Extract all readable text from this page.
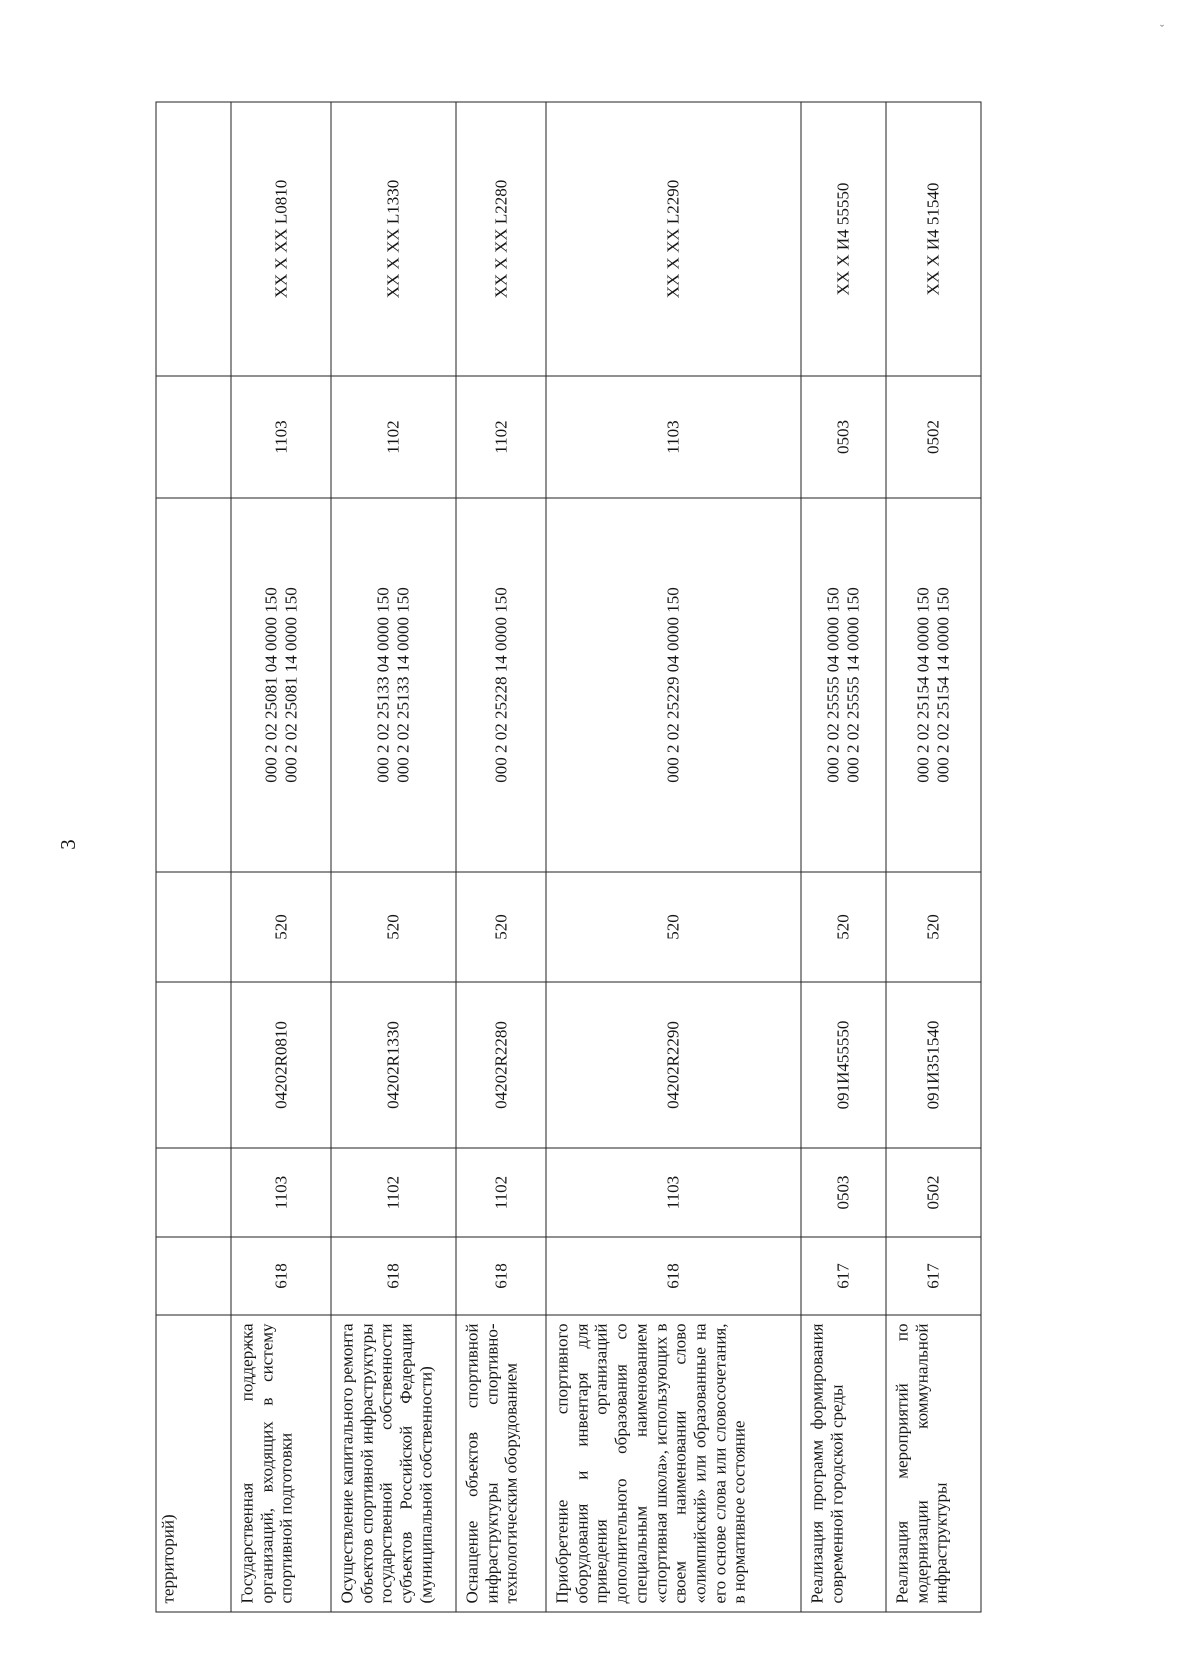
ˇ
3
территорий)							
Государственная поддержка организаций, входящих в систему спортивной подготовки	618	1103	04202R0810	520	000 2 02 25081 04 0000 150 000 2 02 25081 14 0000 150	1103	XX X XX L0810
Осуществление капитального ремонта объектов спортивной инфраструктуры государственной собственности субъектов Российской Федерации (муниципальной собственности)	618	1102	04202R1330	520	000 2 02 25133 04 0000 150 000 2 02 25133 14 0000 150	1102	XX X XX L1330
Оснащение объектов спортивной инфраструктуры спортивно-технологическим оборудованием	618	1102	04202R2280	520	000 2 02 25228 14 0000 150	1102	XX X XX L2280
Приобретение спортивного оборудования и инвентаря для приведения организаций дополнительного образования со специальным наименованием «спортивная школа», использующих в своем наименовании слово «олимпийский» или образованные на его основе слова или словосочетания, в нормативное состояние	618	1103	04202R2290	520	000 2 02 25229 04 0000 150	1103	XX X XX L2290
Реализация программ формирования современной городской среды	617	0503	091И455550	520	000 2 02 25555 04 0000 150 000 2 02 25555 14 0000 150	0503	XX X И4 55550
Реализация мероприятий по модернизации коммунальной инфраструктуры	617	0502	091И351540	520	000 2 02 25154 04 0000 150 000 2 02 25154 14 0000 150	0502	XX X И4 51540
